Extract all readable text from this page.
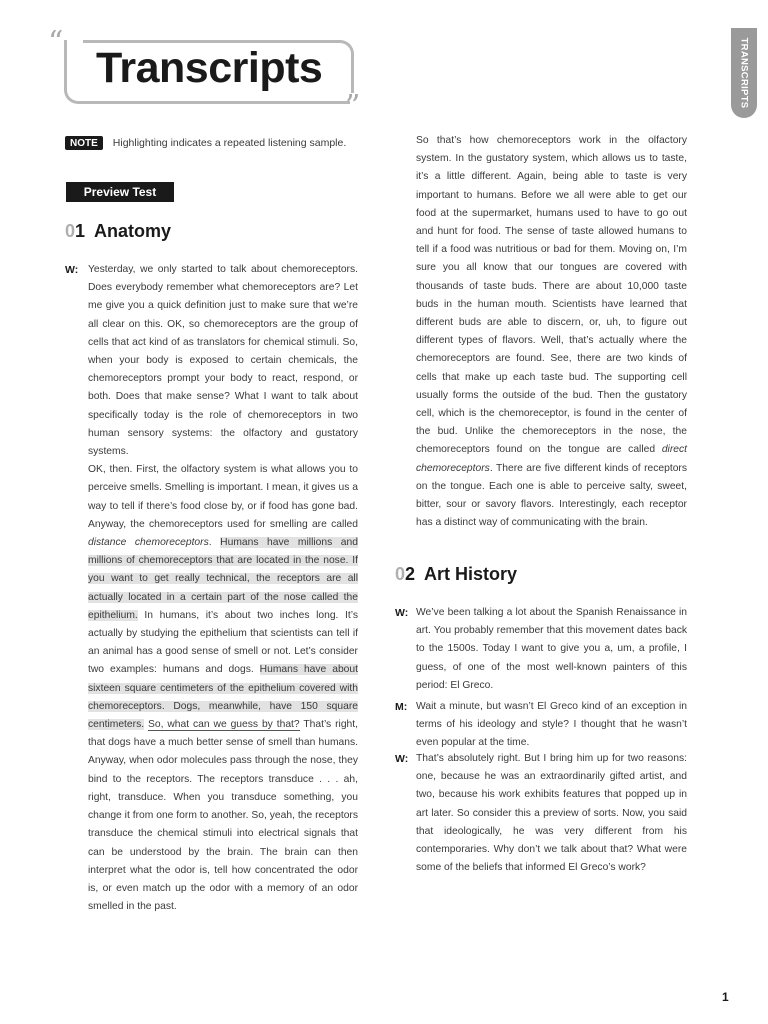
“
Transcripts
”	TRANSCRIPTS
NOTE	Highlighting indicates a repeated listening sample.
Preview Test
01 Anatomy
W: Yesterday, we only started to talk about chemoreceptors. Does everybody remember what chemoreceptors are? Let me give you a quick definition just to make sure that we’re all clear on this. OK, so chemoreceptors are the group of cells that act kind of as translators for chemical stimuli. So, when your body is exposed to certain chemicals, the chemoreceptors prompt your body to react, respond, or both. Does that make sense? What I want to talk about specifically today is the role of chemoreceptors in two human sensory systems: the olfactory and gustatory systems.
OK, then. First, the olfactory system is what allows you to perceive smells. Smelling is important. I mean, it gives us a way to tell if there’s food close by, or if food has gone bad. Anyway, the chemoreceptors used for smelling are called distance chemoreceptors. Humans have millions and millions of chemoreceptors that are located in the nose. If you want to get really technical, the receptors are all actually located in a certain part of the nose called the epithelium. In humans, it’s about two inches long. It’s actually by studying the epithelium that scientists can tell if an animal has a good sense of smell or not. Let’s consider two examples: humans and dogs. Humans have about sixteen square centimeters of the epithelium covered with chemoreceptors. Dogs, meanwhile, have 150 square centimeters. So, what can we guess by that? That’s right, that dogs have a much better sense of smell than humans. Anyway, when odor molecules pass through the nose, they bind to the receptors. The receptors transduce . . . ah, right, transduce. When you transduce something, you change it from one form to another. So, yeah, the receptors transduce the chemical stimuli into electrical signals that can be understood by the brain. The brain can then interpret what the odor is, tell how concentrated the odor is, or even match up the odor with a memory of an odor smelled in the past.
So that’s how chemoreceptors work in the olfactory system. In the gustatory system, which allows us to taste, it’s a little different. Again, being able to taste is very important to humans. Before we all were able to get our food at the supermarket, humans used to have to go out and hunt for food. The sense of taste allowed humans to tell if a food was nutritious or bad for them. Moving on, I’m sure you all know that our tongues are covered with thousands of taste buds. There are about 10,000 taste buds in the human mouth. Scientists have learned that different buds are able to discern, or, uh, to figure out different types of flavors. Well, that’s actually where the chemoreceptors are found. See, there are two kinds of cells that make up each taste bud. The supporting cell usually forms the outside of the bud. Then the gustatory cell, which is the chemoreceptor, is found in the center of the bud. Unlike the chemoreceptors in the nose, the chemoreceptors found on the tongue are called direct chemoreceptors. There are five different kinds of receptors on the tongue. Each one is able to perceive salty, sweet, bitter, sour or savory flavors. Interestingly, each receptor has a distinct way of communicating with the brain.
02 Art History
W: We’ve been talking a lot about the Spanish Renaissance in art. You probably remember that this movement dates back to the 1500s. Today I want to give you a, um, a profile, I guess, of one of the most well-known painters of this period: El Greco.
M: Wait a minute, but wasn’t El Greco kind of an exception in terms of his ideology and style? I thought that he wasn’t even popular at the time.
W: That’s absolutely right. But I bring him up for two reasons: one, because he was an extraordinarily gifted artist, and two, because his work exhibits features that popped up in art later. So consider this a preview of sorts. Now, you said that ideologically, he was very different from his contemporaries. Why don’t we talk about that? What were some of the beliefs that informed El Greco’s work?
1
